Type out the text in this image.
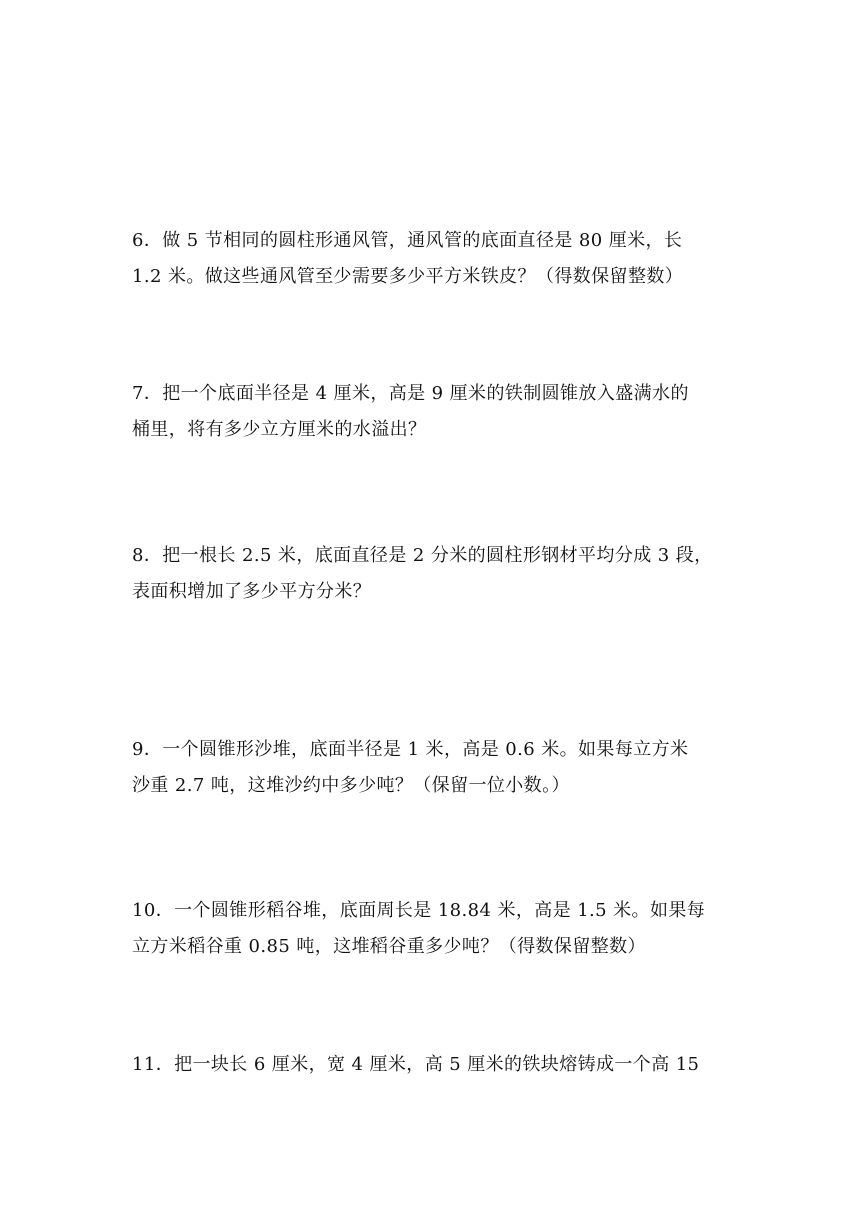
6．做 5 节相同的圆柱形通风管，通风管的底面直径是 80 厘米，长
1.2 米。做这些通风管至少需要多少平方米铁皮？（得数保留整数）
7．把一个底面半径是 4 厘米，高是 9 厘米的铁制圆锥放入盛满水的
桶里，将有多少立方厘米的水溢出？
8．把一根长 2.5 米，底面直径是 2 分米的圆柱形钢材平均分成 3 段，
表面积增加了多少平方分米？
9．一个圆锥形沙堆，底面半径是 1 米，高是 0.6 米。如果每立方米
沙重 2.7 吨，这堆沙约中多少吨？（保留一位小数。）
10．一个圆锥形稻谷堆，底面周长是 18.84 米，高是 1.5 米。如果每
立方米稻谷重 0.85 吨，这堆稻谷重多少吨？（得数保留整数）
11．把一块长 6 厘米，宽 4 厘米，高 5 厘米的铁块熔铸成一个高 15
